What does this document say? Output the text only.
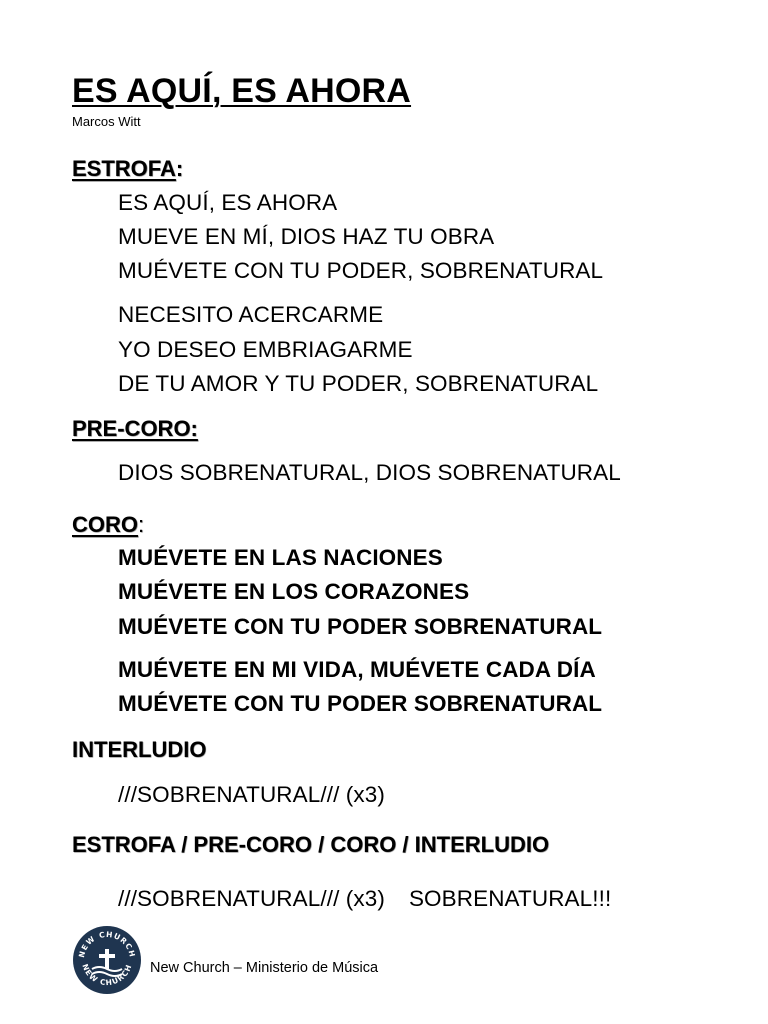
ES AQUÍ, ES AHORA
Marcos Witt
ESTROFA:
ES AQUÍ, ES AHORA
MUEVE EN MÍ, DIOS HAZ TU OBRA
MUÉVETE CON TU PODER, SOBRENATURAL
NECESITO ACERCARME
YO DESEO EMBRIAGARME
DE TU AMOR Y TU PODER, SOBRENATURAL
PRE-CORO:
DIOS SOBRENATURAL, DIOS SOBRENATURAL
CORO:
MUÉVETE EN LAS NACIONES
MUÉVETE EN LOS CORAZONES
MUÉVETE CON TU PODER SOBRENATURAL
MUÉVETE EN MI VIDA, MUÉVETE CADA DÍA
MUÉVETE CON TU PODER SOBRENATURAL
INTERLUDIO
///SOBRENATURAL/// (x3)
ESTROFA / PRE-CORO / CORO / INTERLUDIO
///SOBRENATURAL/// (x3) SOBRENATURAL!!!
NEW CHURCH
NEW CHURCH New Church – Ministerio de Música
